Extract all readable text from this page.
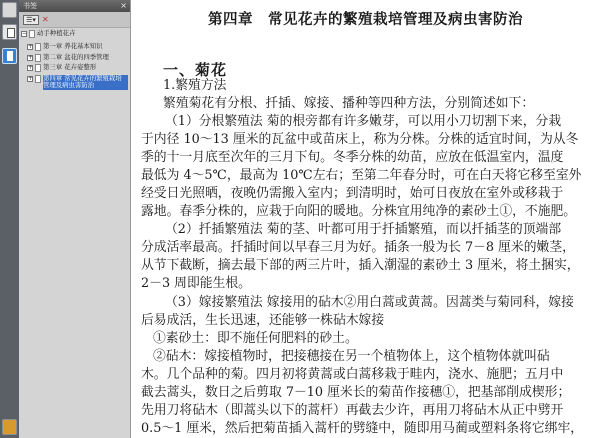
书签	×
☰▾ ✕
− 动手种植花卉
+ 第一章 养花基本知识
+ 第二章 盆花的四季管理
+ 第三章 花卉姿整形
+ 第四章 常见花卉的繁殖栽培管理及病虫害防治
第四章　常见花卉的繁殖栽培管理及病虫害防治
一、菊花
1.繁殖方法
繁殖菊花有分根、扦插、嫁接、播种等四种方法，分别简述如下：
（1）分根繁殖法 菊的根旁都有许多嫩芽，可以用小刀切割下来，分栽
于内径 10～13 厘米的瓦盆中或苗床上，称为分株。分株的适宜时间，为从冬
季的十一月底至次年的三月下旬。冬季分株的幼苗，应放在低温室内，温度
最低为 4～5℃，最高为 10℃左右；至第二年春分时，可在白天将它移至室外
经受日光照晒，夜晚仍需搬入室内；到清明时，始可日夜放在室外或移栽于
露地。春季分株的，应栽于向阳的暖地。分株宜用纯净的素砂土①，不施肥。
（2）扦插繁殖法 菊的茎、叶都可用于扦插繁殖，而以扦插茎的顶端部
分成活率最高。扦插时间以早春三月为好。插条一般为长 7－8 厘米的嫩茎，
从节下截断，摘去最下部的两三片叶，插入潮湿的素砂土 3 厘米，将土捆实，
2－3 周即能生根。
（3）嫁接繁殖法 嫁接用的砧木②用白蒿或黄蒿。因蒿类与菊同科，嫁接
后易成活，生长迅速，还能够一株砧木嫁接
①素砂土：即不施任何肥料的砂土。
②砧木：嫁接植物时，把接穗接在另一个植物体上，这个植物体就叫砧
木。几个品种的菊。四月初将黄蒿或白蒿移栽于畦内，浇水、施肥；五月中
截去蒿头，数日之后剪取 7－10 厘米长的菊苗作接穗①，把基部削成楔形；
先用刀将砧木（即蒿头以下的蒿杆）再截去少许，再用刀将砧木从正中劈开
0.5～1 厘米，然后把菊苗插入蒿杆的劈缝中，随即用马蔺或塑料条将它绑牢，
